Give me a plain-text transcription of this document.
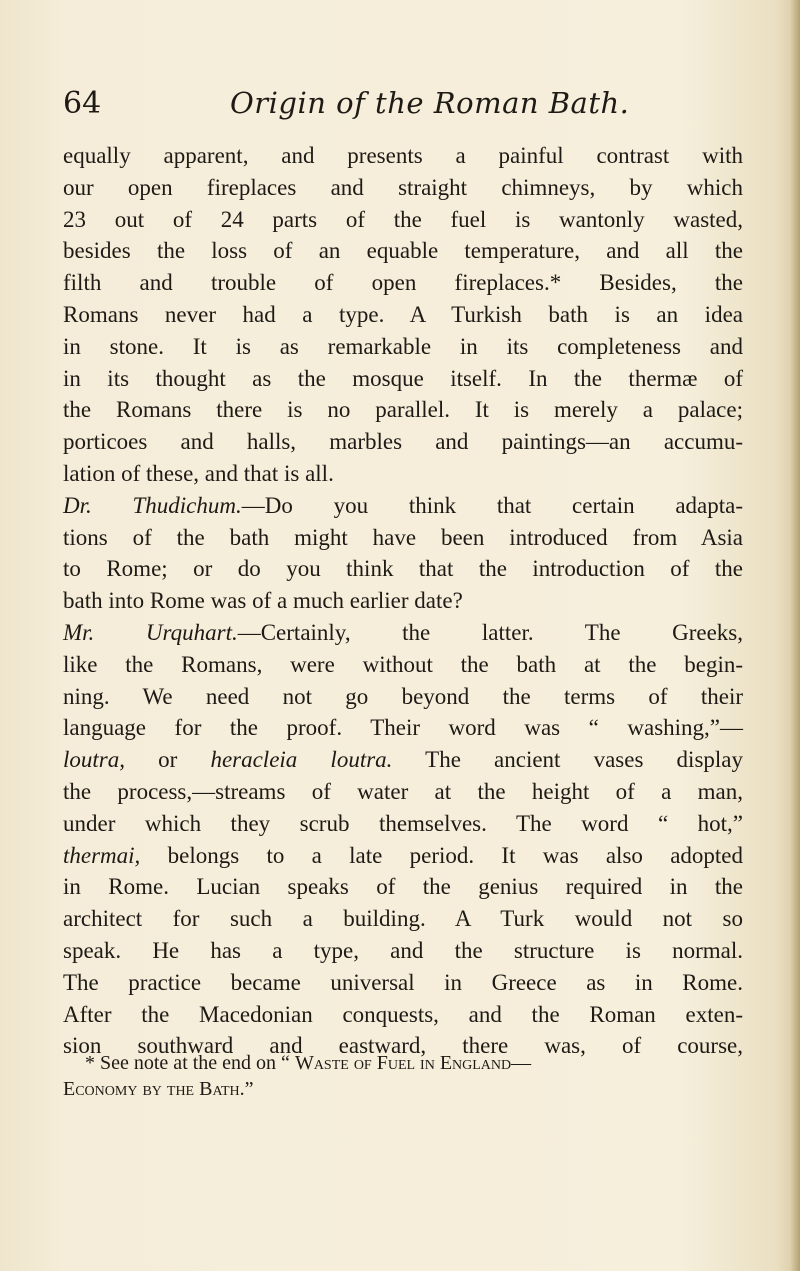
64	Origin of the Roman Bath.
equally apparent, and presents a painful contrast with
our open fireplaces and straight chimneys, by which
23 out of 24 parts of the fuel is wantonly wasted,
besides the loss of an equable temperature, and all the
filth and trouble of open fireplaces.* Besides, the
Romans never had a type. A Turkish bath is an idea
in stone. It is as remarkable in its completeness and
in its thought as the mosque itself. In the thermæ of
the Romans there is no parallel. It is merely a palace;
porticoes and halls, marbles and paintings—an accumu-
lation of these, and that is all.
Dr. Thudichum.—Do you think that certain adapta-
tions of the bath might have been introduced from Asia
to Rome; or do you think that the introduction of the
bath into Rome was of a much earlier date?
Mr. Urquhart.—Certainly, the latter. The Greeks,
like the Romans, were without the bath at the begin-
ning. We need not go beyond the terms of their
language for the proof. Their word was “ washing,”—
loutra, or heracleia loutra. The ancient vases display
the process,—streams of water at the height of a man,
under which they scrub themselves. The word “ hot,”
thermai, belongs to a late period. It was also adopted
in Rome. Lucian speaks of the genius required in the
architect for such a building. A Turk would not so
speak. He has a type, and the structure is normal.
The practice became universal in Greece as in Rome.
After the Macedonian conquests, and the Roman exten-
sion southward and eastward, there was, of course,
* See note at the end on “ Waste of Fuel in England—
Economy by the Bath.”
